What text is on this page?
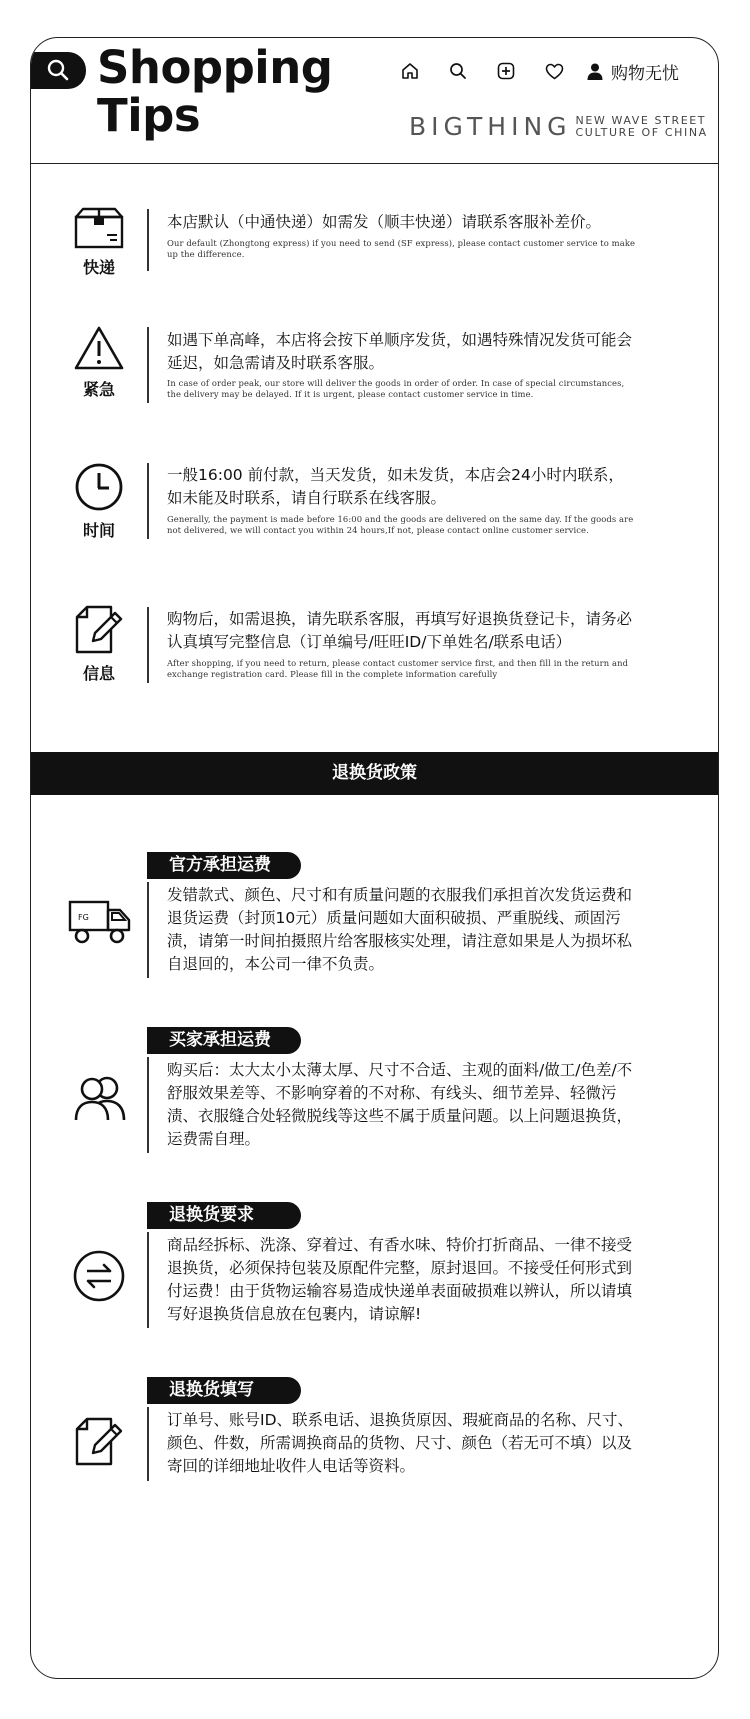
Shopping
Tips
购物无忧
BIGTHING NEW WAVE STREET
CULTURE OF CHINA
快递
本店默认（中通快递）如需发（顺丰快递）请联系客服补差价。
Our default (Zhongtong express) if you need to send (SF express), please contact customer service to make up the difference.
紧急
如遇下单高峰，本店将会按下单顺序发货，如遇特殊情况发货可能会延迟，如急需请及时联系客服。
In case of order peak, our store will deliver the goods in order of order. In case of special circumstances, the delivery may be delayed. If it is urgent, please contact customer service in time.
时间
一般16:00 前付款，当天发货，如未发货，本店会24小时内联系，如未能及时联系，请自行联系在线客服。
Generally, the payment is made before 16:00 and the goods are delivered on the same day. If the goods are not delivered, we will contact you within 24 hours,If not, please contact online customer service.
信息
购物后，如需退换，请先联系客服，再填写好退换货登记卡，请务必认真填写完整信息（订单编号/旺旺ID/下单姓名/联系电话）
After shopping, if you need to return, please contact customer service first, and then fill in the return and exchange registration card. Please fill in the complete information carefully
退换货政策
官方承担运费
FG
发错款式、颜色、尺寸和有质量问题的衣服我们承担首次发货运费和退货运费（封顶10元）质量问题如大面积破损、严重脱线、顽固污渍，请第一时间拍摄照片给客服核实处理，请注意如果是人为损坏私自退回的，本公司一律不负责。
买家承担运费
购买后：太大太小太薄太厚、尺寸不合适、主观的面料/做工/色差/不舒服效果差等、不影响穿着的不对称、有线头、细节差异、轻微污渍、衣服缝合处轻微脱线等这些不属于质量问题。以上问题退换货，运费需自理。
退换货要求
商品经拆标、洗涤、穿着过、有香水味、特价打折商品、一律不接受退换货，必须保持包装及原配件完整，原封退回。不接受任何形式到付运费！由于货物运输容易造成快递单表面破损难以辨认，所以请填写好退换货信息放在包裹内，请谅解!
退换货填写
订单号、账号ID、联系电话、退换货原因、瑕疵商品的名称、尺寸、颜色、件数，所需调换商品的货物、尺寸、颜色（若无可不填）以及寄回的详细地址收件人电话等资料。
